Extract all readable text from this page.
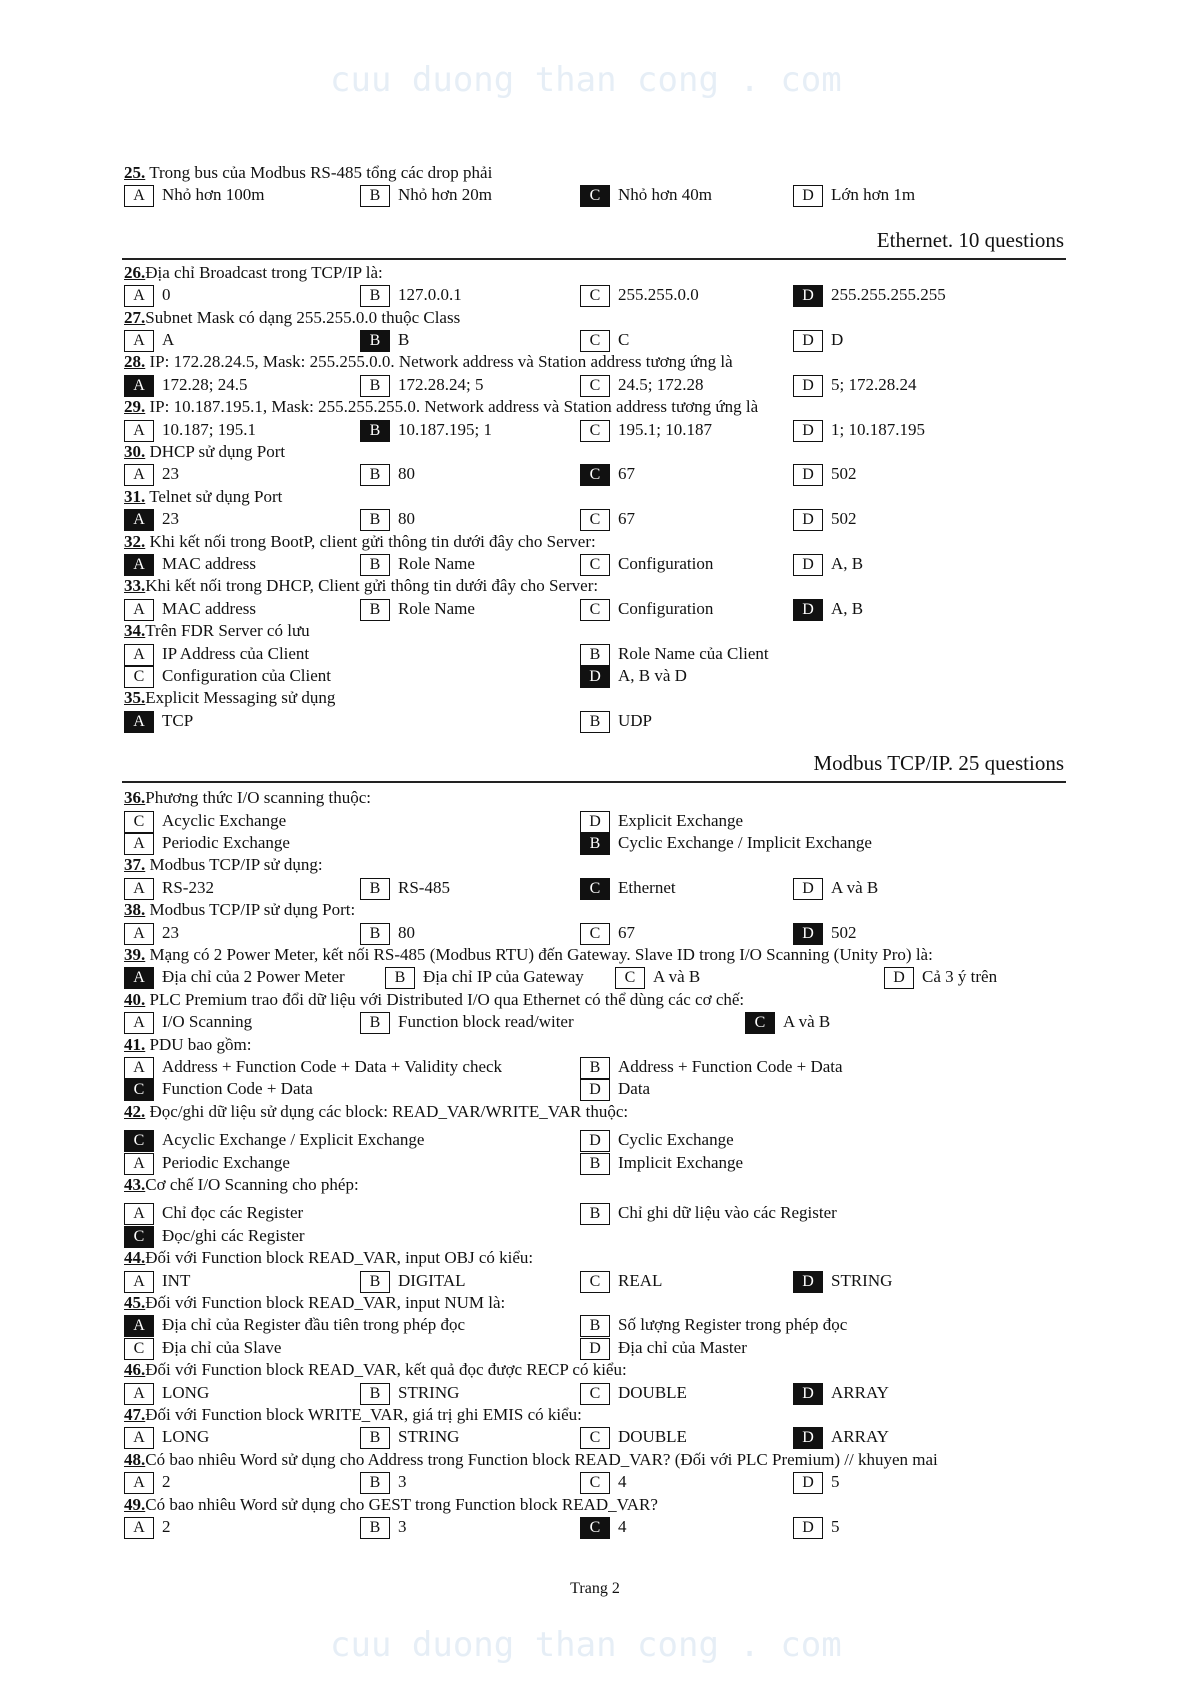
cuu duong than cong . com
cuu duong than cong . com
Trang 2
25. Trong bus của Modbus RS-485 tổng các drop phải
A Nhỏ hơn 100m	B Nhỏ hơn 20m	C Nhỏ hơn 40m	D Lớn hơn 1m
Ethernet. 10 questions
26.Địa chỉ Broadcast trong TCP/IP là:
A 0	B 127.0.0.1	C 255.255.0.0	D 255.255.255.255
27.Subnet Mask có dạng 255.255.0.0 thuộc Class
A A	B B	C C	D D
28. IP: 172.28.24.5, Mask: 255.255.0.0. Network address và Station address tương ứng là
A 172.28; 24.5	B 172.28.24; 5	C 24.5; 172.28	D 5; 172.28.24
29. IP: 10.187.195.1, Mask: 255.255.255.0. Network address và Station address tương ứng là
A 10.187; 195.1	B 10.187.195; 1	C 195.1; 10.187	D 1; 10.187.195
30. DHCP sử dụng Port
A 23	B 80	C 67	D 502
31. Telnet sử dụng Port
A 23	B 80	C 67	D 502
32. Khi kết nối trong BootP, client gửi thông tin dưới đây cho Server:
A MAC address	B Role Name	C Configuration	D A, B
33.Khi kết nối trong DHCP, Client gửi thông tin dưới đây cho Server:
A MAC address	B Role Name	C Configuration	D A, B
34.Trên FDR Server có lưu
A IP Address của Client	B Role Name của Client
C Configuration của Client	D A, B và D
35.Explicit Messaging sử dụng
A TCP	B UDP
Modbus TCP/IP. 25 questions
36.Phương thức I/O scanning thuộc:
C Acyclic Exchange	D Explicit Exchange
A Periodic Exchange	B Cyclic Exchange / Implicit Exchange
37. Modbus TCP/IP sử dụng:
A RS-232	B RS-485	C Ethernet	D A và B
38. Modbus TCP/IP sử dụng Port:
A 23	B 80	C 67	D 502
39. Mạng có 2 Power Meter, kết nối RS-485 (Modbus RTU) đến Gateway. Slave ID trong I/O Scanning (Unity Pro) là:
A Địa chỉ của 2 Power Meter	B Địa chỉ IP của Gateway	C A và B	D Cả 3 ý trên
40. PLC Premium trao đổi dữ liệu với Distributed I/O qua Ethernet có thể dùng các cơ chế:
A I/O Scanning	B Function block read/witer	C A và B
41. PDU bao gồm:
A Address + Function Code + Data + Validity check	B Address + Function Code + Data
C Function Code + Data	D Data
42. Đọc/ghi dữ liệu sử dụng các block: READ_VAR/WRITE_VAR thuộc:
C Acyclic Exchange / Explicit Exchange	D Cyclic Exchange
A Periodic Exchange	B Implicit Exchange
43.Cơ chế I/O Scanning cho phép:
A Chỉ đọc các Register	B Chỉ ghi dữ liệu vào các Register
C Đọc/ghi các Register
44.Đối với Function block READ_VAR, input OBJ có kiểu:
A INT	B DIGITAL	C REAL	D STRING
45.Đối với Function block READ_VAR, input NUM là:
A Địa chỉ của Register đầu tiên trong phép đọc	B Số lượng Register trong phép đọc
C Địa chỉ của Slave	D Địa chỉ của Master
46.Đối với Function block READ_VAR, kết quả đọc được RECP có kiểu:
A LONG	B STRING	C DOUBLE	D ARRAY
47.Đối với Function block WRITE_VAR, giá trị ghi EMIS có kiểu:
A LONG	B STRING	C DOUBLE	D ARRAY
48.Có bao nhiêu Word sử dụng cho Address trong Function block READ_VAR? (Đối với PLC Premium) // khuyen mai
A 2	B 3	C 4	D 5
49.Có bao nhiêu Word sử dụng cho GEST trong Function block READ_VAR?
A 2	B 3	C 4	D 5
